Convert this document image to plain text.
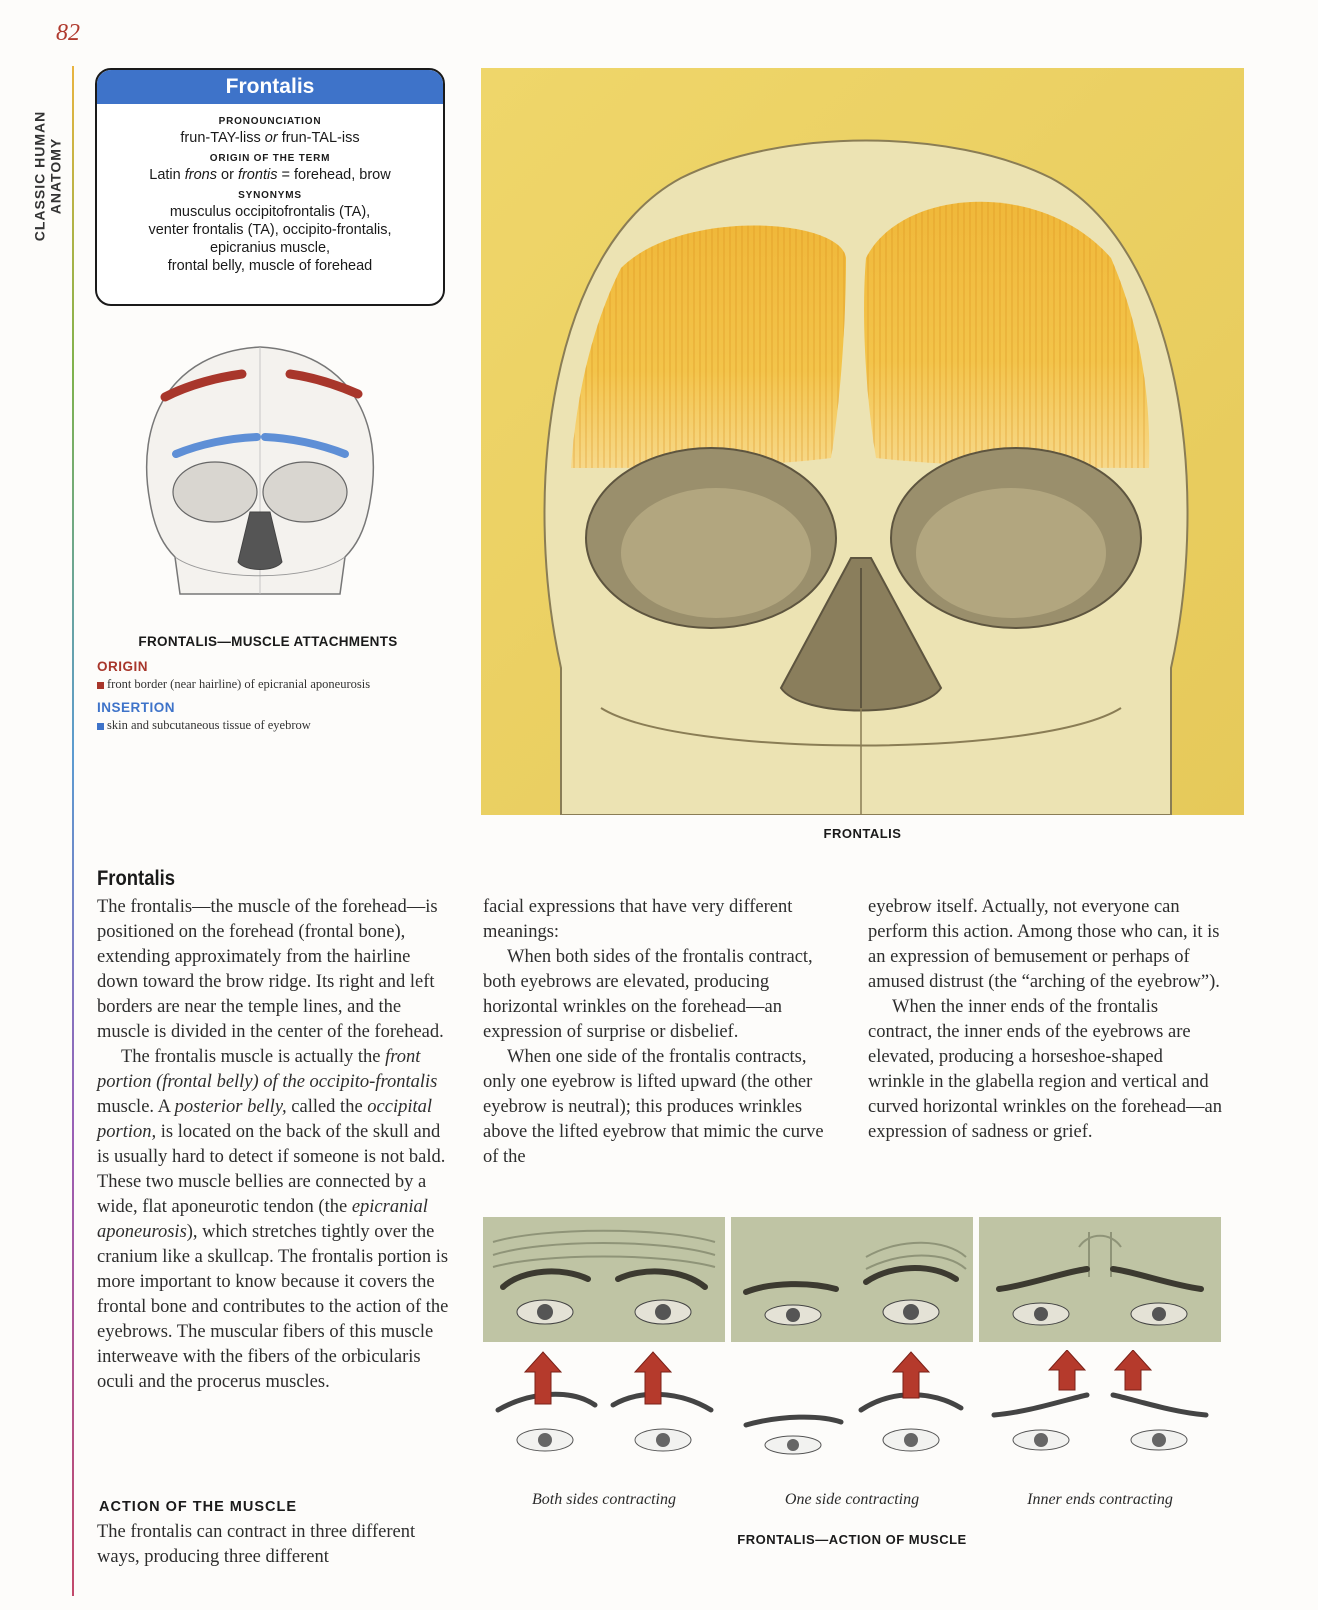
82
CLASSIC HUMAN ANATOMY
Frontalis
PRONOUNCIATION
frun-TAY-liss or frun-TAL-iss
ORIGIN OF THE TERM
Latin frons or frontis = forehead, brow
SYNONYMS
musculus occipitofrontalis (TA),
venter frontalis (TA), occipito-frontalis,
epicranius muscle,
frontal belly, muscle of forehead
FRONTALIS—MUSCLE ATTACHMENTS
ORIGIN
front border (near hairline) of epicranial aponeurosis
INSERTION
skin and subcutaneous tissue of eyebrow
FRONTALIS
Frontalis

The frontalis—the muscle of the forehead—is positioned on the forehead (frontal bone), extending approximately from the hairline down toward the brow ridge. Its right and left borders are near the temple lines, and the muscle is divided in the center of the forehead.

The frontalis muscle is actually the front portion (frontal belly) of the occipito-frontalis muscle. A posterior belly, called the occipital portion, is located on the back of the skull and is usually hard to detect if someone is not bald. These two muscle bellies are connected by a wide, flat aponeurotic tendon (the epicranial aponeurosis), which stretches tightly over the cranium like a skullcap. The frontalis portion is more important to know because it covers the frontal bone and contributes to the action of the eyebrows. The muscular fibers of this muscle interweave with the fibers of the orbicularis oculi and the procerus muscles.

ACTION OF THE MUSCLE
The frontalis can contract in three different ways, producing three different

facial expressions that have very different meanings:

When both sides of the frontalis contract, both eyebrows are elevated, producing horizontal wrinkles on the forehead—an expression of surprise or disbelief.

When one side of the frontalis contracts, only one eyebrow is lifted upward (the other eyebrow is neutral); this produces wrinkles above the lifted eyebrow that mimic the curve of the

eyebrow itself. Actually, not everyone can perform this action. Among those who can, it is an expression of bemusement or perhaps of amused distrust (the “arching of the eyebrow”).

When the inner ends of the frontalis contract, the inner ends of the eyebrows are elevated, producing a horseshoe-shaped wrinkle in the glabella region and vertical and curved horizontal wrinkles on the forehead—an expression of sadness or grief.

Both sides contracting	One side contracting	Inner ends contracting
FRONTALIS—ACTION OF MUSCLE
